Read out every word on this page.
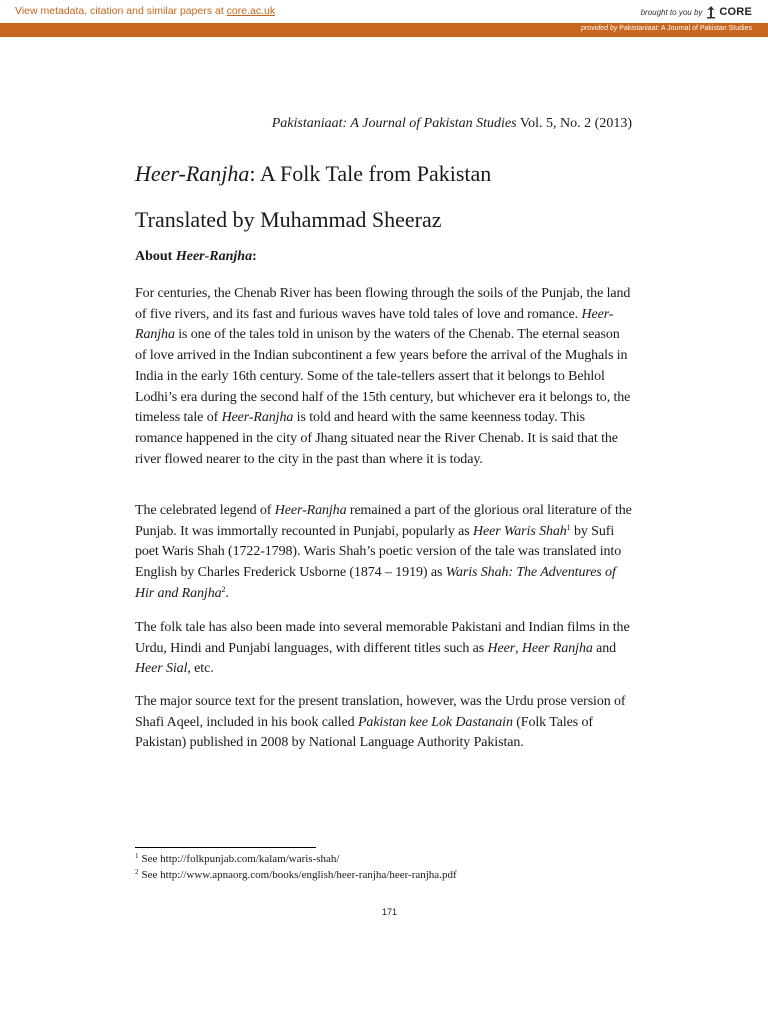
View metadata, citation and similar papers at core.ac.uk	brought to you by CORE
provided by Pakistaniaat: A Journal of Pakistan Studies
Pakistaniaat: A Journal of Pakistan Studies Vol. 5, No. 2 (2013)
Heer-Ranjha: A Folk Tale from Pakistan
Translated by Muhammad Sheeraz
About Heer-Ranjha:

For centuries, the Chenab River has been flowing through the soils of the Punjab, the land of five rivers, and its fast and furious waves have told tales of love and romance. Heer-Ranjha is one of the tales told in unison by the waters of the Chenab. The eternal season of love arrived in the Indian subcontinent a few years before the arrival of the Mughals in India in the early 16th century. Some of the tale-tellers assert that it belongs to Behlol Lodhi’s era during the second half of the 15th century, but whichever era it belongs to, the timeless tale of Heer-Ranjha is told and heard with the same keenness today. This romance happened in the city of Jhang situated near the River Chenab. It is said that the river flowed nearer to the city in the past than where it is today.

The celebrated legend of Heer-Ranjha remained a part of the glorious oral literature of the Punjab. It was immortally recounted in Punjabi, popularly as Heer Waris Shah$^1$ by Sufi poet Waris Shah (1722-1798). Waris Shah’s poetic version of the tale was translated into English by Charles Frederick Usborne (1874 – 1919) as Waris Shah: The Adventures of Hir and Ranjha$^2$.

The folk tale has also been made into several memorable Pakistani and Indian films in the Urdu, Hindi and Punjabi languages, with different titles such as Heer, Heer Ranjha and Heer Sial, etc.

The major source text for the present translation, however, was the Urdu prose version of Shafi Aqeel, included in his book called Pakistan kee Lok Dastanain (Folk Tales of Pakistan) published in 2008 by National Language Authority Pakistan.

$^1$ See http://folkpunjab.com/kalam/waris-shah/
$^2$ See http://www.apnaorg.com/books/english/heer-ranjha/heer-ranjha.pdf
171
